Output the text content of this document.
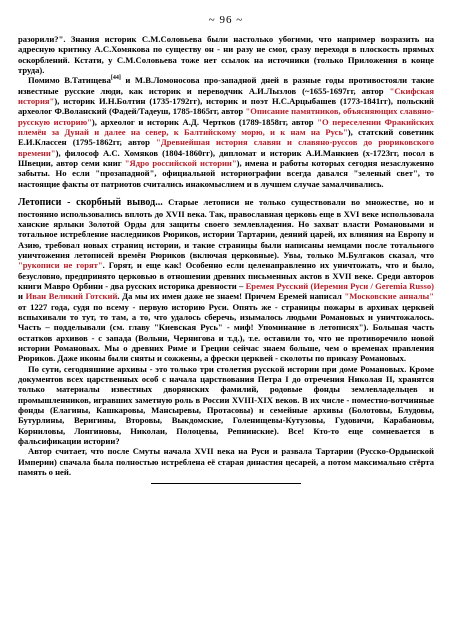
~ 96 ~

разорили?". Знания историк С.М.Соловьева были настолько убогими, что например возразить на адресную критику А.С.Хомякова по существу он - ни разу не смог, сразу переходя в плоскость прямых оскорблений. Кстати, у С.М.Соловьева тоже нет ссылок на источники (только Приложения в конце труда).

Помимо В.Татищева[44] и М.В.Ломоносова про-западной дней в разные годы противостояли такие известные русские люди, как историк и переводчик А.И.Лызлов (~1655-1697гг, автор "Скифская история"), историк И.Н.Болтин (1735-1792гг), историк и поэт Н.С.Арцыбашев (1773-1841гг), польский археолог Ф.Воланский (Фадей/Тадеуш, 1785-1865гг, автор "Описание памятников, объясняющих славяно-русскую историю"), археолог и историк А.Д. Чертков (1789-1858гг, автор "О переселении Фракийских племён за Дунай и далее на север, к Балтийскому морю, и к нам на Русь"), статский советник Е.И.Классен (1795-1862гг, автор "Древнейшая история славян и славяно-руссов до рюриковского времени"), философ А.С. Хомяков (1804-1860гг), дипломат и историк А.И.Манкиев (х-1723гг, посол в Швеции, автор семи книг "Ядро российской истории"), имена и работы которых сегодня незаслуженно забыты. Но если "прозападной", официальной историографии всегда давался "зеленый свет", то настоящие факты от патриотов считались инакомыслием и в лучшем случае замалчивались.

Летописи - скорбный вывод... Старые летописи не только существовали во множестве, но и постоянно использовались вплоть до XVII века. Так, православная церковь еще в XVI веке использовала ханские ярлыки Золотой Орды для защиты своего землевладения. Но захват власти Романовыми и тотальное истребление наследников Рюриков, истории Тартарии, деяний царей, их влияния на Европу и Азию, требовал новых страниц истории, и такие страницы были написаны немцами после тотального уничтожения летописей времён Рюриков (включая церковные). Увы, только М.Булгаков сказал, что "рукописи не горят". Горят, и еще как! Особенно если целенаправленно их уничтожать, что и было, безусловно, предпринято церковью в отношении древних письменных актов в XVII веке. Среди авторов книги Мавро Орбини - два русских историка древности – Еремея Русский (Иеремия Руси / Geremia Russo) и Иван Великий Готский. Да мы их имен даже не знаем! Причем Еремей написал "Московские анналы" от 1227 года, судя по всему - первую историю Руси. Опять же - страницы пожары в архивах церквей вспыхивали то тут, то там, а то, что удалось сберечь, изымалось людьми Романовых и уничтожалось. Часть – подделывали (см. главу "Киевская Русь" - миф! Упоминание в летописях"). Большая часть остатков архивов - с запада (Вольни, Чернигова и т.д.), т.е. оставили то, что не противоречило новой истории Романовых. Мы о древних Риме и Греции сейчас знаем больше, чем о временах правления Рюриков. Даже иконы были сняты и сожжены, а фрески церквей - сколоты по приказу Романовых.

По сути, сегодняшние архивы - это только три столетия русской истории при доме Романовых. Кроме документов всех царственных особ с начала царствования Петра I до отречения Николая II, хранятся только материалы известных дворянских фамилий, родовые фонды землевладельцев и промышленников, игравших заметную роль в России XVIII-XIX веков. В их числе - поместно-вотчинные фонды (Елагины, Кашкаровы, Мансыревы, Протасовы) и семейные архивы (Болотовы, Блудовы, Бутурлины, Веригины, Второвы, Выкдомские, Голенищевы-Кутузовы, Гудовичи, Карабановы, Корниловы, Лонгиновы, Николаи, Полоцевы, Репнинские). Все! Кто-то еще сомневается в фальсификации истории?

Автор считает, что после Смуты начала XVII века на Руси и развала Тартарии (Русско-Ордынской Империи) спачала была полностью истреблена её старая династия цесарей, а потом максимально стёрта память о ней.
